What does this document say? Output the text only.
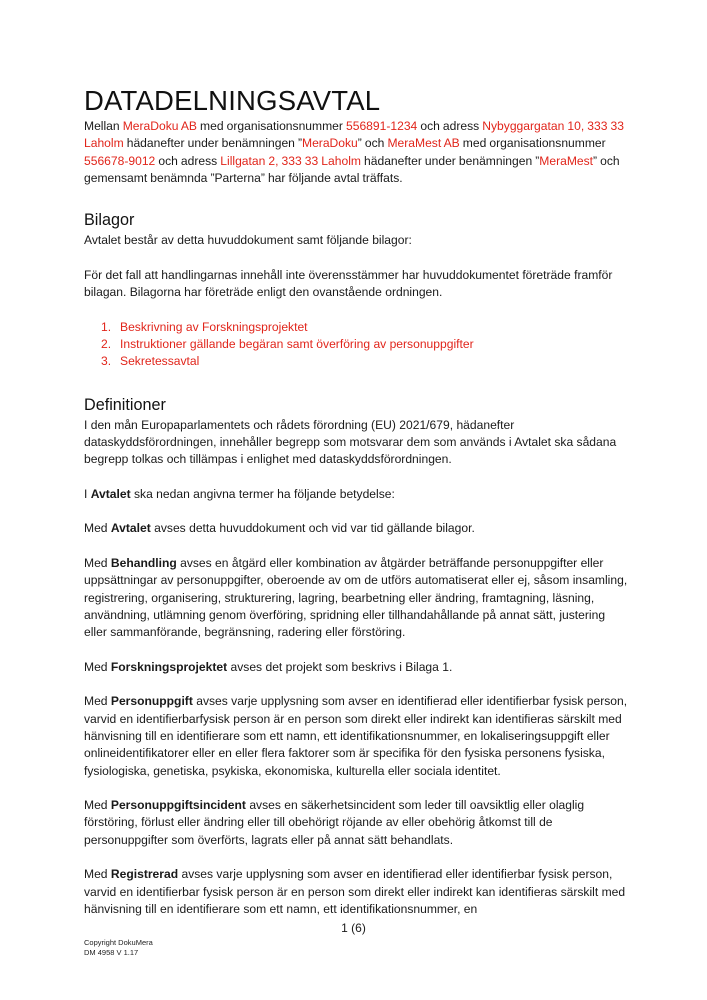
DATADELNINGSAVTAL

Mellan MeraDoku AB med organisationsnummer 556891-1234 och adress Nybyggargatan 10, 333 33 Laholm hädanefter under benämningen ”MeraDoku” och MeraMest AB med organisationsnummer 556678-9012 och adress Lillgatan 2, 333 33 Laholm hädanefter under benämningen ”MeraMest” och gemensamt benämnda ”Parterna” har följande avtal träffats.

Bilagor

Avtalet består av detta huvuddokument samt följande bilagor:

För det fall att handlingarnas innehåll inte överensstämmer har huvuddokumentet företräde framför bilagan. Bilagorna har företräde enligt den ovanstående ordningen.

1. Beskrivning av Forskningsprojektet
2. Instruktioner gällande begäran samt överföring av personuppgifter
3. Sekretessavtal
Definitioner

I den mån Europaparlamentets och rådets förordning (EU) 2021/679, hädanefter dataskyddsförordningen, innehåller begrepp som motsvarar dem som används i Avtalet ska sådana begrepp tolkas och tillämpas i enlighet med dataskyddsförordningen.

I Avtalet ska nedan angivna termer ha följande betydelse:

Med Avtalet avses detta huvuddokument och vid var tid gällande bilagor.

Med Behandling avses en åtgärd eller kombination av åtgärder beträffande personuppgifter eller uppsättningar av personuppgifter, oberoende av om de utförs automatiserat eller ej, såsom insamling, registrering, organisering, strukturering, lagring, bearbetning eller ändring, framtagning, läsning, användning, utlämning genom överföring, spridning eller tillhandahållande på annat sätt, justering eller sammanförande, begränsning, radering eller förstöring.

Med Forskningsprojektet avses det projekt som beskrivs i Bilaga 1.

Med Personuppgift avses varje upplysning som avser en identifierad eller identifierbar fysisk person, varvid en identifierbarfysisk person är en person som direkt eller indirekt kan identifieras särskilt med hänvisning till en identifierare som ett namn, ett identifikationsnummer, en lokaliseringsuppgift eller onlineidentifikatorer eller en eller flera faktorer som är specifika för den fysiska personens fysiska, fysiologiska, genetiska, psykiska, ekonomiska, kulturella eller sociala identitet.

Med Personuppgiftsincident avses en säkerhetsincident som leder till oavsiktlig eller olaglig förstöring, förlust eller ändring eller till obehörigt röjande av eller obehörig åtkomst till de personuppgifter som överförts, lagrats eller på annat sätt behandlats.

Med Registrerad avses varje upplysning som avser en identifierad eller identifierbar fysisk person, varvid en identifierbar fysisk person är en person som direkt eller indirekt kan identifieras särskilt med hänvisning till en identifierare som ett namn, ett identifikationsnummer, en

1 (6)
Copyright DokuMera
DM 4958 V 1.17
